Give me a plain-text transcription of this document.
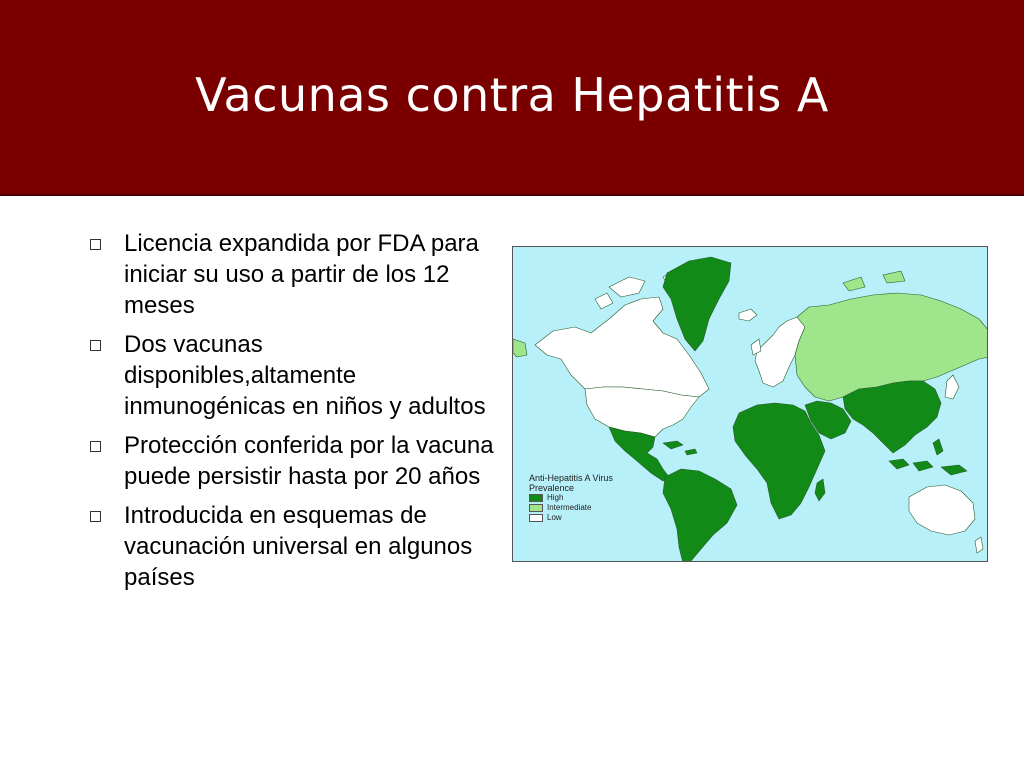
Vacunas contra Hepatitis A
Licencia expandida por FDA para iniciar su uso a partir de los 12 meses
Dos vacunas disponibles,altamente inmunogénicas en niños y adultos
Protección conferida por la vacuna puede persistir hasta por 20 años
Introducida en esquemas de vacunación universal en algunos países
Anti-Hepatitis A Virus
Prevalence
High
Intermediate
Low
